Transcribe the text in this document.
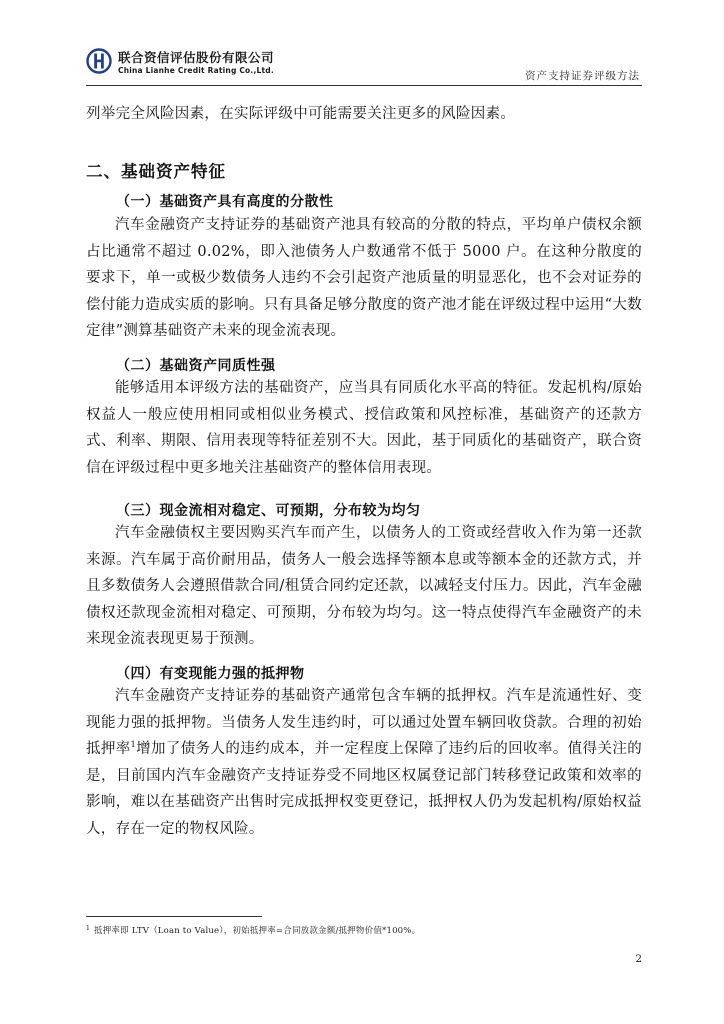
联合资信评估股份有限公司
China Lianhe Credit Rating Co.,Ltd.	资产支持证券评级方法
列举完全风险因素，在实际评级中可能需要关注更多的风险因素。
二、基础资产特征
（一）基础资产具有高度的分散性
汽车金融资产支持证券的基础资产池具有较高的分散的特点，平均单户债权余额占比通常不超过 0.02%，即入池债务人户数通常不低于 5000 户。在这种分散度的要求下，单一或极少数债务人违约不会引起资产池质量的明显恶化，也不会对证券的偿付能力造成实质的影响。只有具备足够分散度的资产池才能在评级过程中运用“大数定律”测算基础资产未来的现金流表现。
（二）基础资产同质性强
能够适用本评级方法的基础资产，应当具有同质化水平高的特征。发起机构/原始权益人一般应使用相同或相似业务模式、授信政策和风控标准，基础资产的还款方式、利率、期限、信用表现等特征差别不大。因此，基于同质化的基础资产，联合资信在评级过程中更多地关注基础资产的整体信用表现。
（三）现金流相对稳定、可预期，分布较为均匀
汽车金融债权主要因购买汽车而产生，以债务人的工资或经营收入作为第一还款来源。汽车属于高价耐用品，债务人一般会选择等额本息或等额本金的还款方式，并且多数债务人会遵照借款合同/租赁合同约定还款，以减轻支付压力。因此，汽车金融债权还款现金流相对稳定、可预期，分布较为均匀。这一特点使得汽车金融资产的未来现金流表现更易于预测。
（四）有变现能力强的抵押物
汽车金融资产支持证券的基础资产通常包含车辆的抵押权。汽车是流通性好、变现能力强的抵押物。当债务人发生违约时，可以通过处置车辆回收贷款。合理的初始抵押率$^1$增加了债务人的违约成本，并一定程度上保障了违约后的回收率。值得关注的是，目前国内汽车金融资产支持证券受不同地区权属登记部门转移登记政策和效率的影响，难以在基础资产出售时完成抵押权变更登记，抵押权人仍为发起机构/原始权益人，存在一定的物权风险。
$^1$ 抵押率即 LTV（Loan to Value），初始抵押率=合同放款金额/抵押物价值*100%。
2
